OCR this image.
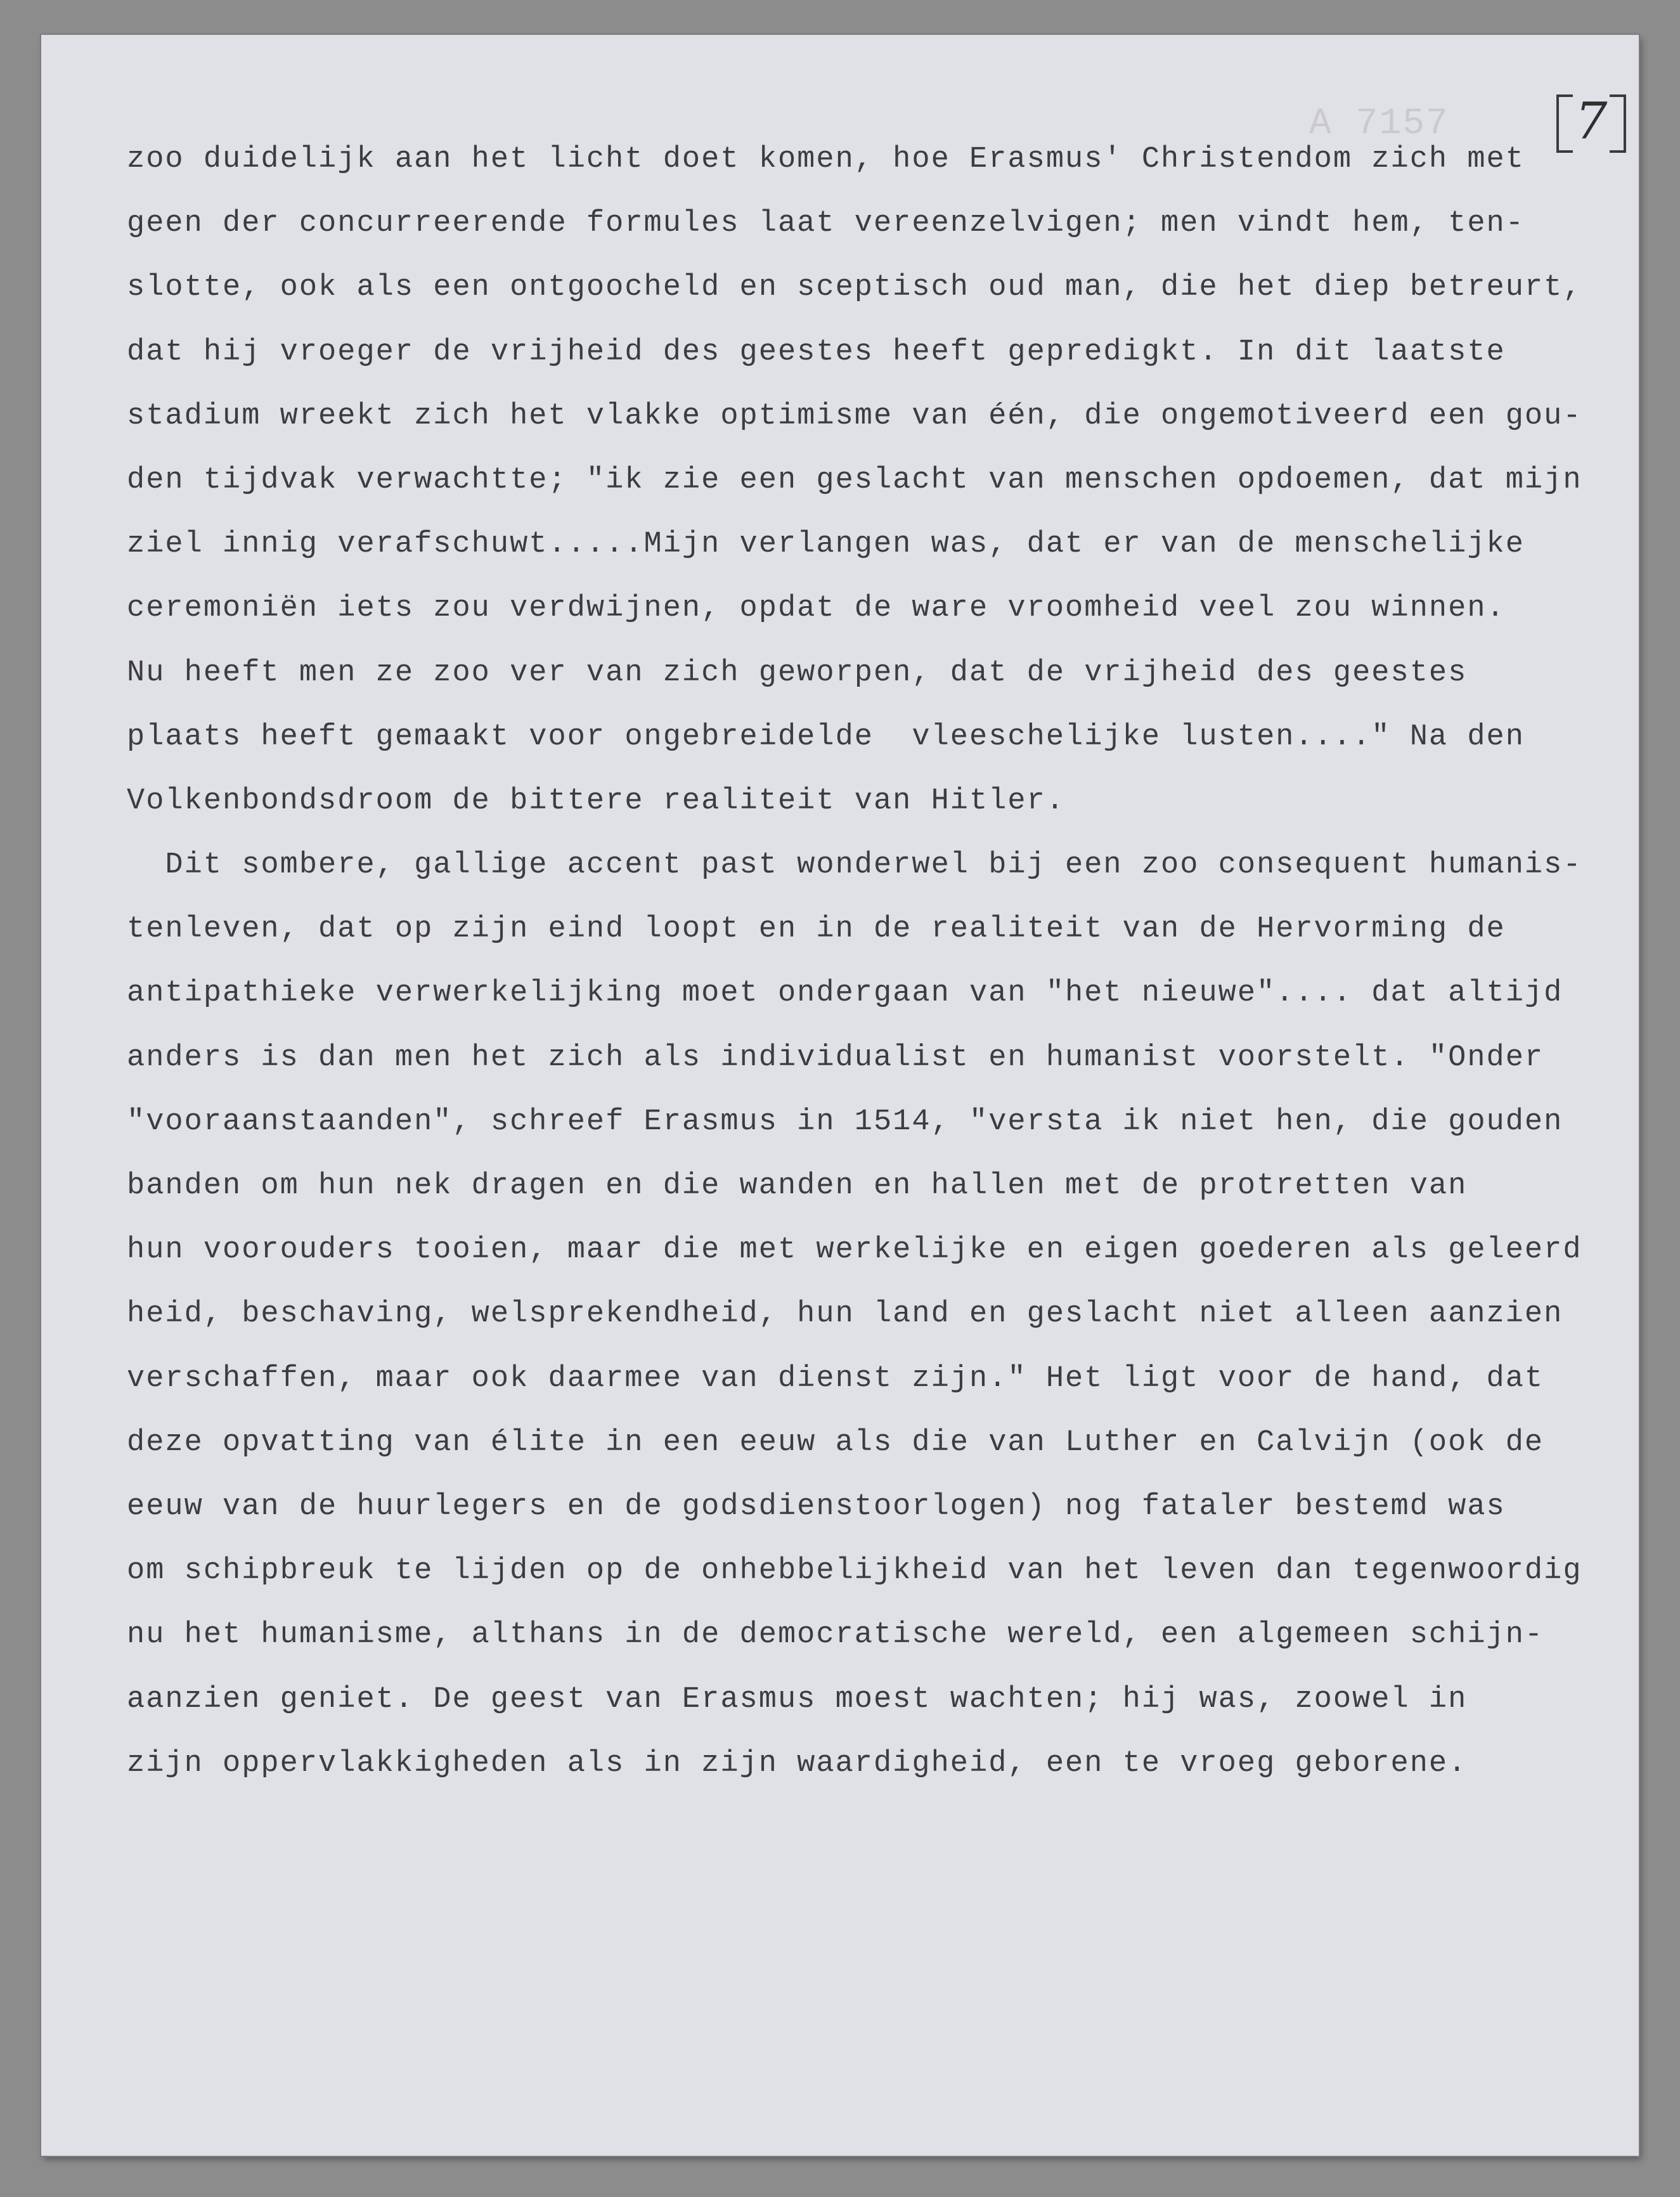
A 7157	7
zoo duidelijk aan het licht doet komen, hoe Erasmus' Christendom zich met
geen der concurreerende formules laat vereenzelvigen; men vindt hem, ten-
slotte, ook als een ontgoocheld en sceptisch oud man, die het diep betreurt,
dat hij vroeger de vrijheid des geestes heeft gepredigkt. In dit laatste
stadium wreekt zich het vlakke optimisme van één, die ongemotiveerd een gou-
den tijdvak verwachtte; "ik zie een geslacht van menschen opdoemen, dat mijn
ziel innig verafschuwt.....Mijn verlangen was, dat er van de menschelijke
ceremoniën iets zou verdwijnen, opdat de ware vroomheid veel zou winnen.
Nu heeft men ze zoo ver van zich geworpen, dat de vrijheid des geestes
plaats heeft gemaakt voor ongebreidelde  vleeschelijke lusten...." Na den
Volkenbondsdroom de bittere realiteit van Hitler.
Dit sombere, gallige accent past wonderwel bij een zoo consequent humanis-
tenleven, dat op zijn eind loopt en in de realiteit van de Hervorming de
antipathieke verwerkelijking moet ondergaan van "het nieuwe".... dat altijd
anders is dan men het zich als individualist en humanist voorstelt. "Onder
"vooraanstaanden", schreef Erasmus in 1514, "versta ik niet hen, die gouden
banden om hun nek dragen en die wanden en hallen met de protretten van
hun voorouders tooien, maar die met werkelijke en eigen goederen als geleerd
heid, beschaving, welsprekendheid, hun land en geslacht niet alleen aanzien
verschaffen, maar ook daarmee van dienst zijn." Het ligt voor de hand, dat
deze opvatting van élite in een eeuw als die van Luther en Calvijn (ook de
eeuw van de huurlegers en de godsdienstoorlogen) nog fataler bestemd was
om schipbreuk te lijden op de onhebbelijkheid van het leven dan tegenwoordig
nu het humanisme, althans in de democratische wereld, een algemeen schijn-
aanzien geniet. De geest van Erasmus moest wachten; hij was, zoowel in
zijn oppervlakkigheden als in zijn waardigheid, een te vroeg geborene.
